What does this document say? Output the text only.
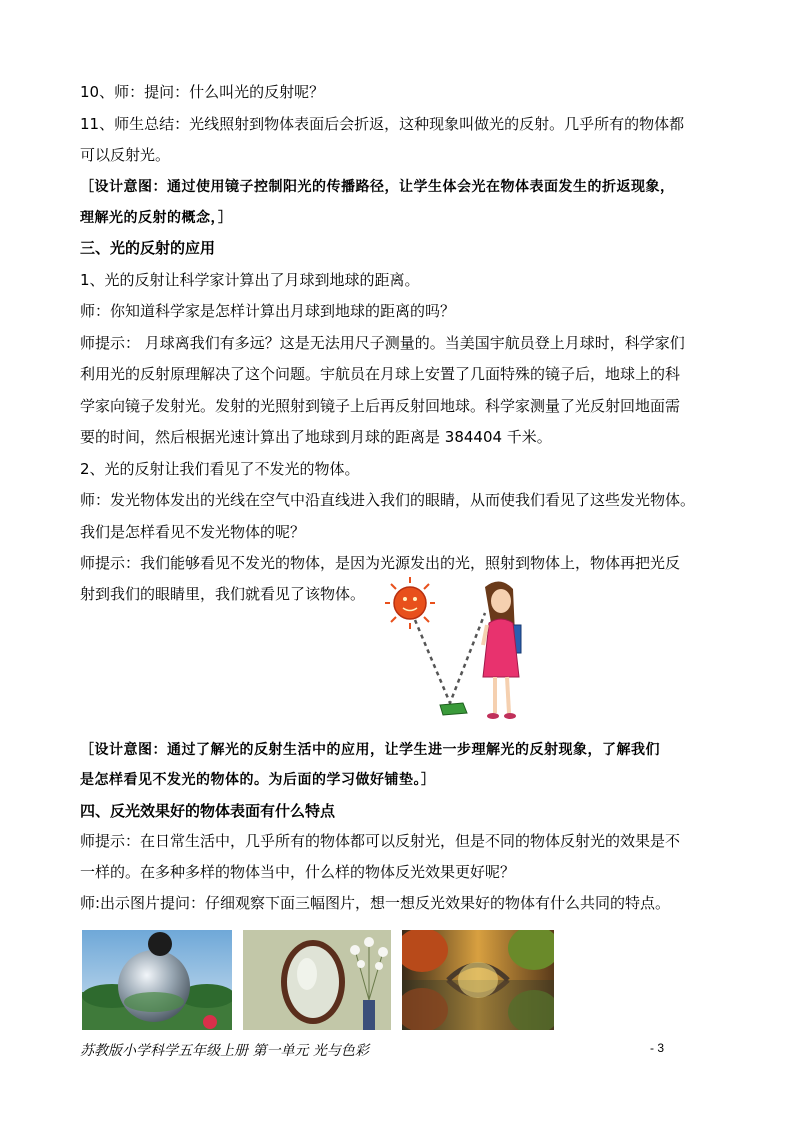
10、师：提问：什么叫光的反射呢？

11、师生总结：光线照射到物体表面后会折返，这种现象叫做光的反射。几乎所有的物体都

可以反射光。

［设计意图：通过使用镜子控制阳光的传播路径，让学生体会光在物体表面发生的折返现象，

理解光的反射的概念，］

三、光的反射的应用

1、光的反射让科学家计算出了月球到地球的距离。

师：你知道科学家是怎样计算出月球到地球的距离的吗？

师提示： 月球离我们有多远？这是无法用尺子测量的。当美国宇航员登上月球时，科学家们

利用光的反射原理解决了这个问题。宇航员在月球上安置了几面特殊的镜子后，地球上的科

学家向镜子发射光。发射的光照射到镜子上后再反射回地球。科学家测量了光反射回地面需

要的时间，然后根据光速计算出了地球到月球的距离是 384404 千米。

2、光的反射让我们看见了不发光的物体。

师：发光物体发出的光线在空气中沿直线进入我们的眼睛，从而使我们看见了这些发光物体。

我们是怎样看见不发光物体的呢？

师提示：我们能够看见不发光的物体，是因为光源发出的光，照射到物体上，物体再把光反

射到我们的眼睛里，我们就看见了该物体。

［设计意图：通过了解光的反射生活中的应用，让学生进一步理解光的反射现象，了解我们

是怎样看见不发光的物体的。为后面的学习做好铺垫。］

四、反光效果好的物体表面有什么特点

师提示：在日常生活中，几乎所有的物体都可以反射光，但是不同的物体反射光的效果是不

一样的。在多种多样的物体当中，什么样的物体反光效果更好呢？

师:出示图片提问：仔细观察下面三幅图片，想一想反光效果好的物体有什么共同的特点。

苏教版小学科学五年级上册 第一单元 光与色彩	- 3
